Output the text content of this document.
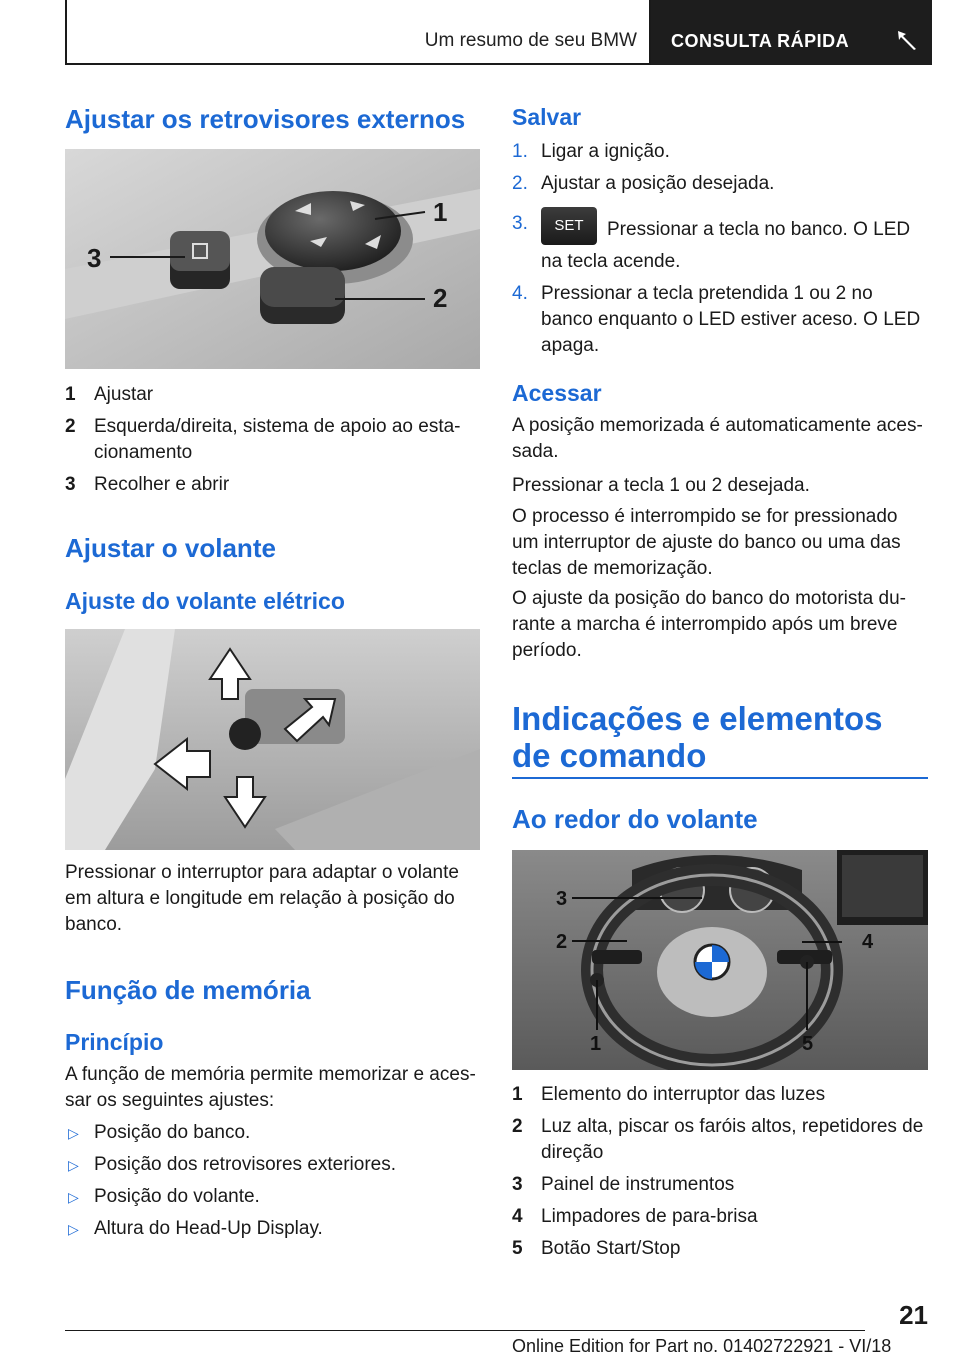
Um resumo de seu BMW CONSULTA RÁPIDA
Ajustar os retrovisores externos
1
2
3
1 Ajustar
2 Esquerda/direita, sistema de apoio ao esta- cionamento
3 Recolher e abrir
Ajustar o volante
Ajuste do volante elétrico

Pressionar o interruptor para adaptar o volante em altura e longitude em relação à posição do banco.

Função de memória
Princípio

A função de memória permite memorizar e aces- sar os seguintes ajustes:

▷ Posição do banco.
▷ Posição dos retrovisores exteriores.
▷ Posição do volante.
▷ Altura do Head-Up Display.
Salvar
1. Ligar a ignição.
2. Ajustar a posição desejada.
3. SET Pressionar a tecla no banco. O LED na tecla acende.
4. Pressionar a tecla pretendida 1 ou 2 no banco enquanto o LED estiver aceso. O LED apaga.
Acessar

A posição memorizada é automaticamente aces- sada.

Pressionar a tecla 1 ou 2 desejada.

O processo é interrompido se for pressionado um interruptor de ajuste do banco ou uma das teclas de memorização.

O ajuste da posição do banco do motorista du- rante a marcha é interrompido após um breve período.

Indicações e elementos de comando
Ao redor do volante
3
2	4
1	5
1 Elemento do interruptor das luzes
2 Luz alta, piscar os faróis altos, repetidores de direção
3 Painel de instrumentos
4 Limpadores de para-brisa
5 Botão Start/Stop
21
Online Edition for Part no. 01402722921 - VI/18
